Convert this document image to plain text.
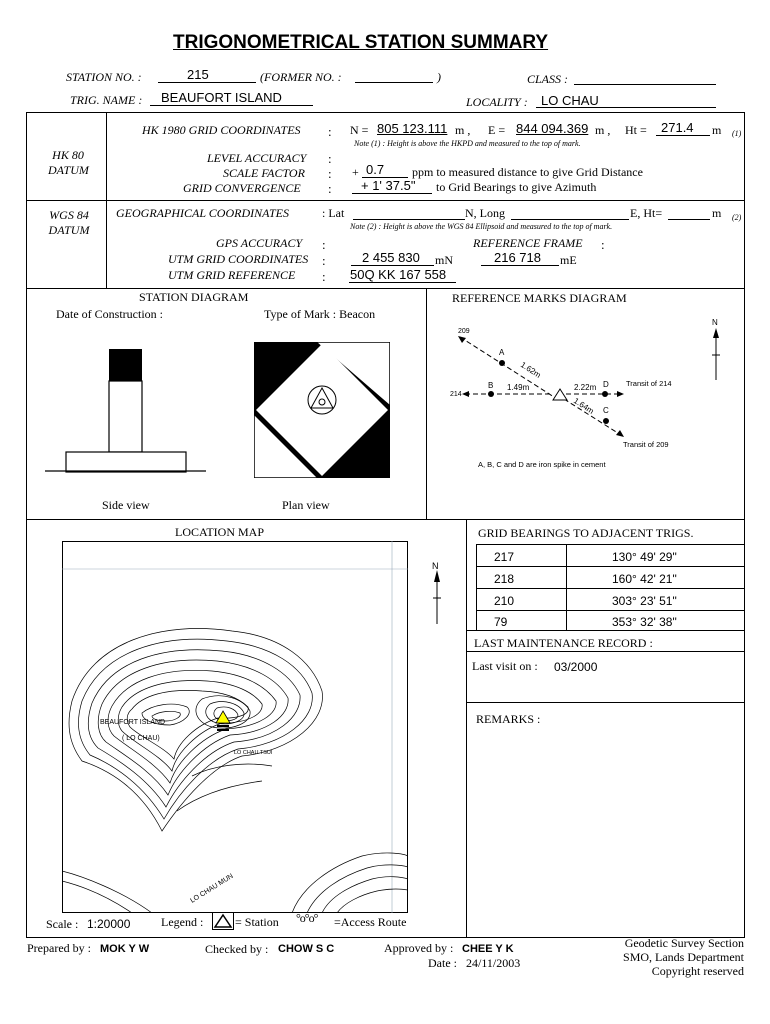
TRIGONOMETRICAL STATION SUMMARY
STATION NO. :	215	(FORMER NO. :	)	CLASS :
TRIG. NAME : BEAUFORT ISLAND	LOCALITY : LO CHAU
HK 80
DATUM
HK 1980 GRID COORDINATES : N = 805 123.111 m , E = 844 094.369 m , Ht = 271.4 m (1)
Note (1) : Height is above the HKPD and measured to the top of mark.
LEVEL ACCURACY :
SCALE FACTOR : + 0.7 ppm to measured distance to give Grid Distance
GRID CONVERGENCE : + 1' 37.5" to Grid Bearings to give Azimuth
WGS 84
DATUM
GEOGRAPHICAL COORDINATES	: Lat	N, Long	E, Ht=	m (2)
Note (2) : Height is above the WGS 84 Ellipsoid and measured to the top of mark.
GPS ACCURACY :	REFERENCE FRAME :
UTM GRID COORDINATES :	2 455 830 mN	216 718 mE
UTM GRID REFERENCE : 50Q KK 167 558
STATION DIAGRAM
Date of Construction :	Type of Mark : Beacon
Side view	Plan view
REFERENCE MARKS DIAGRAM
209
214
A
B	D
C
1.62m
1.49m	2.22m
1.64m
Transit of 214
Transit of 209
A, B, C and D are iron spike in cement
N
LOCATION MAP
BEAUFORT ISLAND
( LO CHAU)
LO CHAU TSUI
LO CHAU MUN
N
Scale : 1:20000	Legend :	= Station °o°o° =Access Route
GRID BEARINGS TO ADJACENT TRIGS.
217	130° 49' 29"
218	160° 42' 21"
210	303° 23' 51"
79	353° 32' 38"
LAST MAINTENANCE RECORD :
Last visit on : 03/2000
REMARKS :
Prepared by : MOK Y W	Checked by : CHOW S C	Approved by : CHEE Y K
Date : 24/11/2003
Geodetic Survey Section
SMO, Lands Department
Copyright reserved
